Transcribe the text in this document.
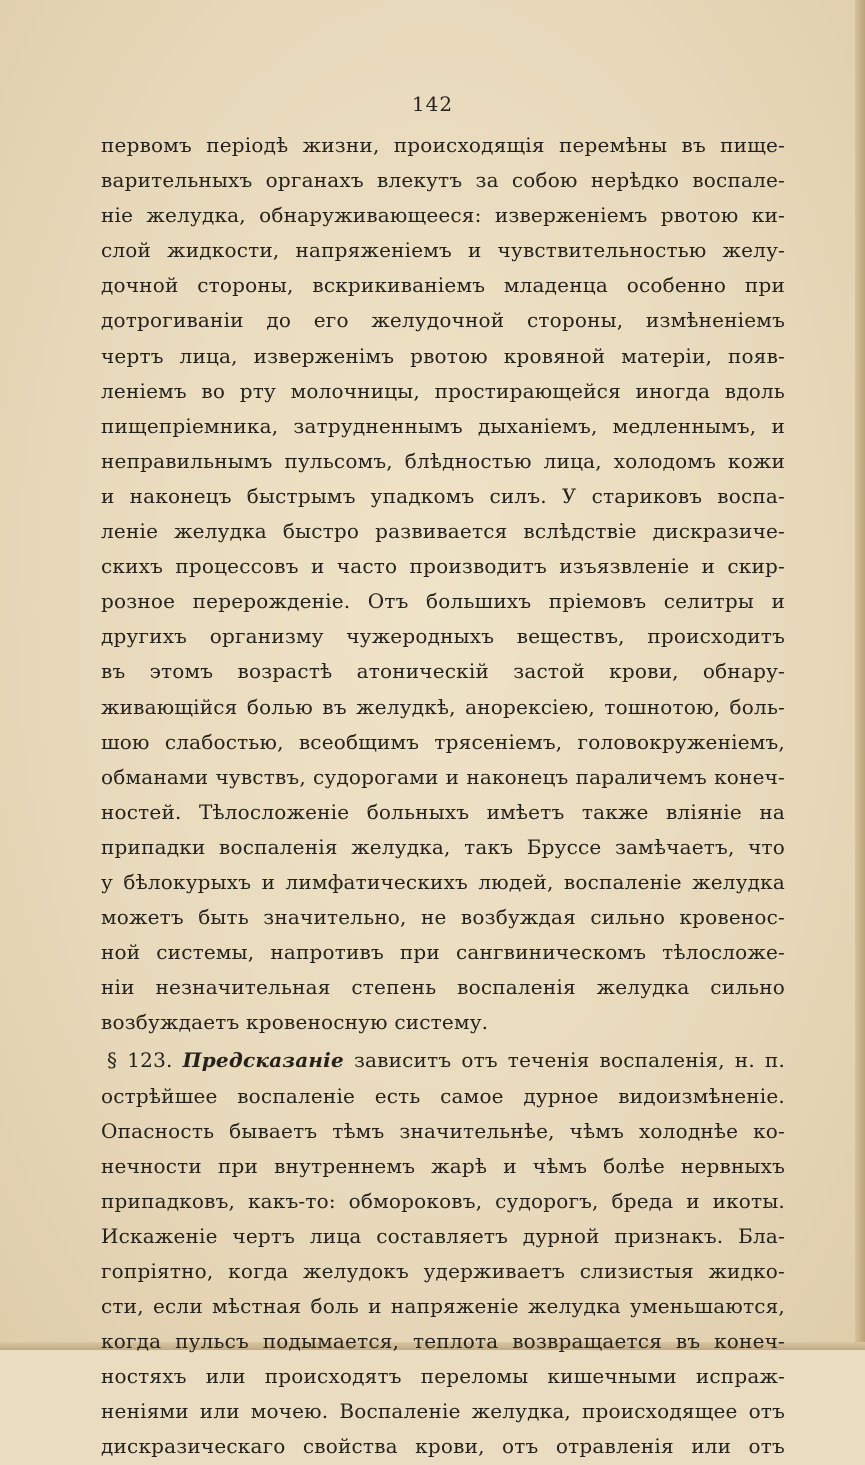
142
первомъ періодѣ жизни, происходящія перемѣны въ пище-
варительныхъ органахъ влекутъ за собою нерѣдко воспале-
ніе желудка, обнаруживающееся: изверженіемъ рвотою ки-
слой жидкости, напряженіемъ и чувствительностью желу-
дочной стороны, вскрикиваніемъ младенца особенно при
дотрогиваніи до его желудочной стороны, измѣненіемъ
чертъ лица, изверженімъ рвотою кровяной матеріи, появ-
леніемъ во рту молочницы, простирающейся иногда вдоль
пищепріемника, затрудненнымъ дыханіемъ, медленнымъ, и
неправильнымъ пульсомъ, блѣдностью лица, холодомъ кожи
и наконецъ быстрымъ упадкомъ силъ. У стариковъ воспа-
леніе желудка быстро развивается вслѣдствіе дискразиче-
скихъ процессовъ и часто производитъ изъязвленіе и скир-
розное перерожденіе. Отъ большихъ пріемовъ селитры и
другихъ организму чужеродныхъ веществъ, происходитъ
въ этомъ возрастѣ атоническій застой крови, обнару-
живающійся болью въ желудкѣ, анорексіею, тошнотою, боль-
шою слабостью, всеобщимъ трясеніемъ, головокруженіемъ,
обманами чувствъ, судорогами и наконецъ параличемъ конеч-
ностей. Тѣлосложеніе больныхъ имѣетъ также вліяніе на
припадки воспаленія желудка, такъ Бруссе замѣчаетъ, что
у бѣлокурыхъ и лимфатическихъ людей, воспаленіе желудка
можетъ быть значительно, не возбуждая сильно кровенос-
ной системы, напротивъ при сангвиническомъ тѣлосложе-
ніи незначительная степень воспаленія желудка сильно
возбуждаетъ кровеносную систему.
§ 123. Предсказаніе зависитъ отъ теченія воспаленія, н. п.
острѣйшее воспаленіе есть самое дурное видоизмѣненіе.
Опасность бываетъ тѣмъ значительнѣе, чѣмъ холоднѣе ко-
нечности при внутреннемъ жарѣ и чѣмъ болѣе нервныхъ
припадковъ, какъ-то: обмороковъ, судорогъ, бреда и икоты.
Искаженіе чертъ лица составляетъ дурной признакъ. Бла-
гопріятно, когда желудокъ удерживаетъ слизистыя жидко-
сти, если мѣстная боль и напряженіе желудка уменьшаются,
когда пульсъ подымается, теплота возвращается въ конеч-
ностяхъ или происходятъ переломы кишечными испраж-
неніями или мочею. Воспаленіе желудка, происходящее отъ
дискразическаго свойства крови, отъ отравленія или отъ
